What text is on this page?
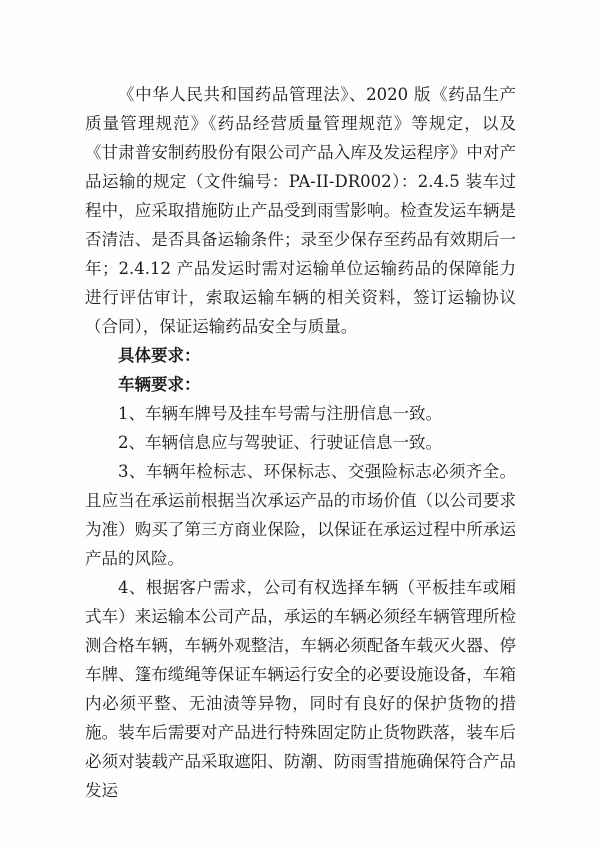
《中华人民共和国药品管理法》、2020 版《药品生产质量管理规范》《药品经营质量管理规范》等规定，以及《甘肃普安制药股份有限公司产品入库及发运程序》中对产品运输的规定（文件编号：PA-II-DR002）：2.4.5 装车过程中，应采取措施防止产品受到雨雪影响。检查发运车辆是否清洁、是否具备运输条件；录至少保存至药品有效期后一年；2.4.12 产品发运时需对运输单位运输药品的保障能力进行评估审计，索取运输车辆的相关资料，签订运输协议（合同），保证运输药品安全与质量。

具体要求：

车辆要求：

1、车辆车牌号及挂车号需与注册信息一致。

2、车辆信息应与驾驶证、行驶证信息一致。

3、车辆年检标志、环保标志、交强险标志必须齐全。且应当在承运前根据当次承运产品的市场价值（以公司要求为准）购买了第三方商业保险，以保证在承运过程中所承运产品的风险。

4、根据客户需求，公司有权选择车辆（平板挂车或厢式车）来运输本公司产品，承运的车辆必须经车辆管理所检测合格车辆，车辆外观整洁，车辆必须配备车载灭火器、停车牌、篷布缆绳等保证车辆运行安全的必要设施设备，车箱内必须平整、无油渍等异物，同时有良好的保护货物的措施。装车后需要对产品进行特殊固定防止货物跌落，装车后必须对装载产品采取遮阳、防潮、防雨雪措施确保符合产品发运
